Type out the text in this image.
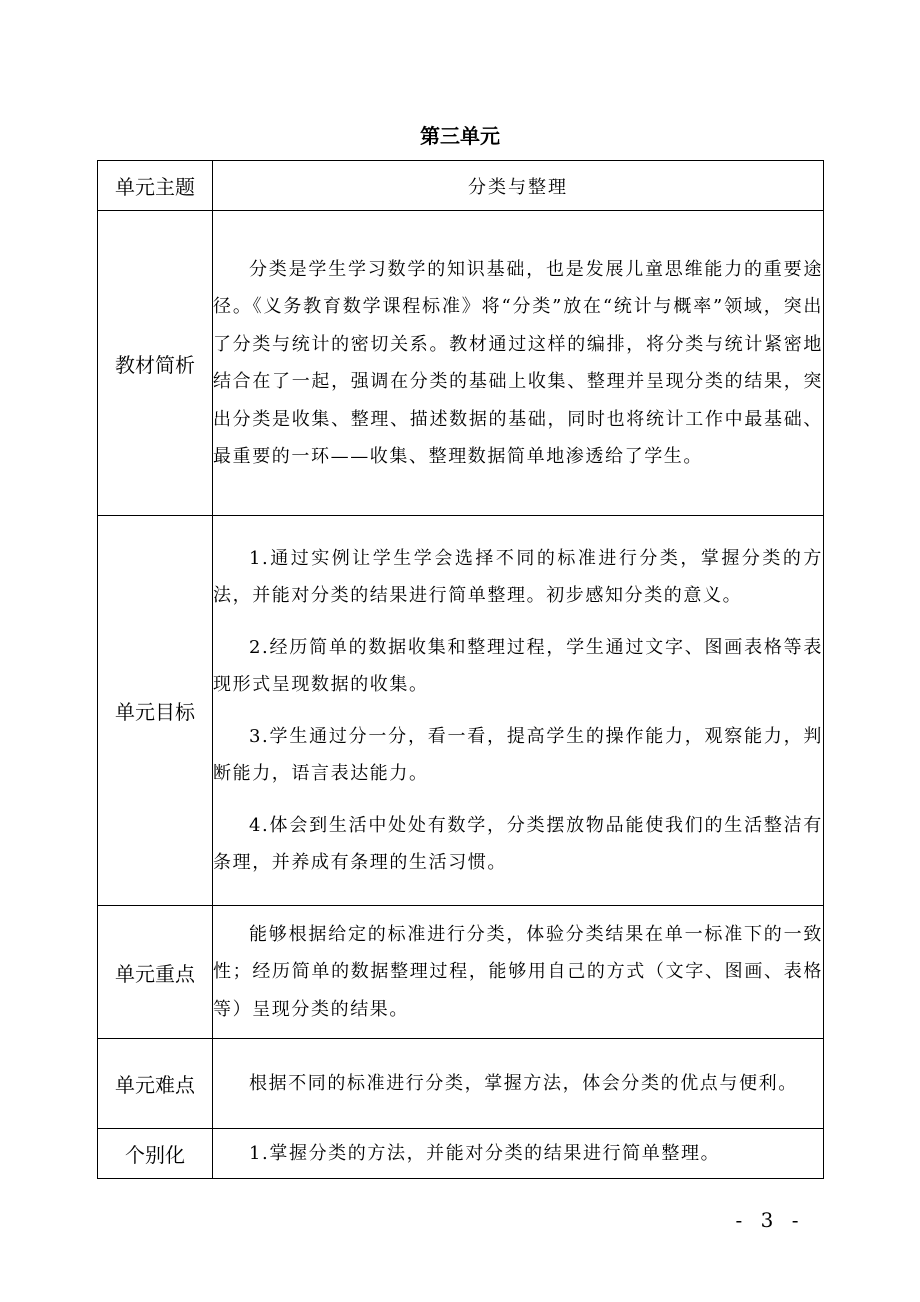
第三单元
单元主题	分类与整理
教材简析	分类是学生学习数学的知识基础，也是发展儿童思维能力的重要途径。《义务教育数学课程标准》将“分类”放在“统计与概率”领域，突出了分类与统计的密切关系。教材通过这样的编排，将分类与统计紧密地结合在了一起，强调在分类的基础上收集、整理并呈现分类的结果，突出分类是收集、整理、描述数据的基础，同时也将统计工作中最基础、最重要的一环——收集、整理数据简单地渗透给了学生。

单元目标	1.通过实例让学生学会选择不同的标准进行分类，掌握分类的方法，并能对分类的结果进行简单整理。初步感知分类的意义。

2.经历简单的数据收集和整理过程，学生通过文字、图画表格等表现形式呈现数据的收集。

3.学生通过分一分，看一看，提高学生的操作能力，观察能力，判断能力，语言表达能力。

4.体会到生活中处处有数学，分类摆放物品能使我们的生活整洁有条理，并养成有条理的生活习惯。

单元重点	能够根据给定的标准进行分类，体验分类结果在单一标准下的一致性；经历简单的数据整理过程，能够用自己的方式（文字、图画、表格等）呈现分类的结果。

单元难点	根据不同的标准进行分类，掌握方法，体会分类的优点与便利。

个别化	1.掌握分类的方法，并能对分类的结果进行简单整理。

- 3 -
